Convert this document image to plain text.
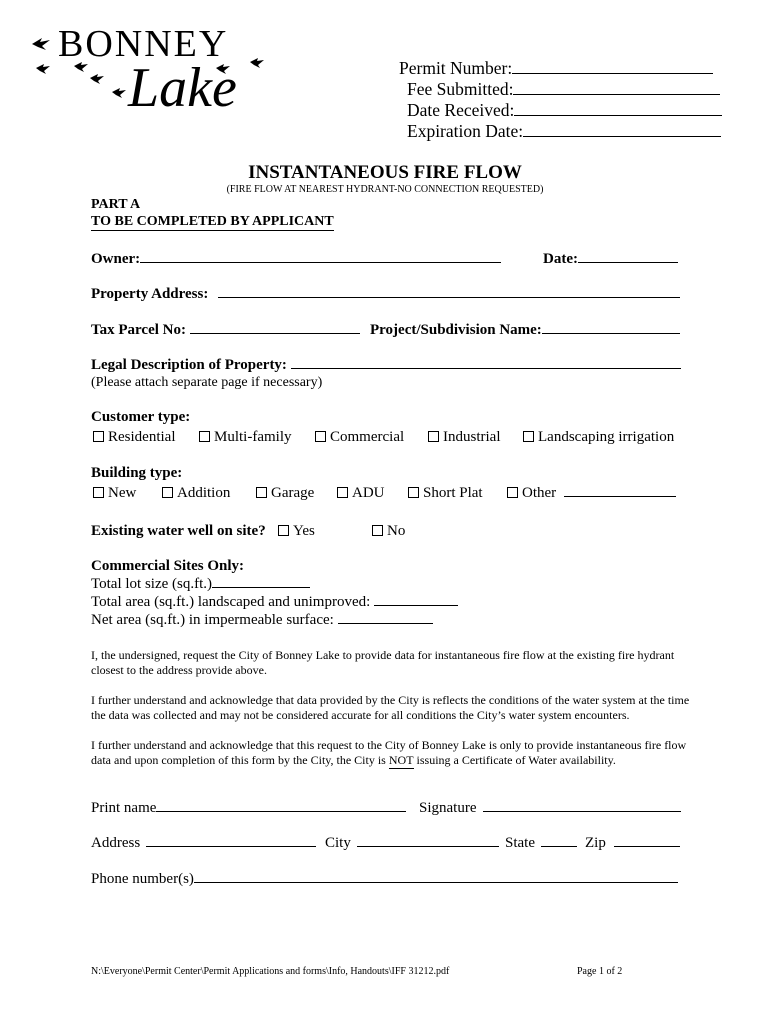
BONNEY
Lake	Permit Number:
Fee Submitted:
Date Received:
Expiration Date:
INSTANTANEOUS FIRE FLOW
(FIRE FLOW AT NEAREST HYDRANT-NO CONNECTION REQUESTED)
PART A
TO BE COMPLETED BY APPLICANT
Owner:	Date:
Property Address:
Tax Parcel No:	Project/Subdivision Name:
Legal Description of Property:
(Please attach separate page if necessary)
Customer type:
Residential	Multi-family	Commercial	Industrial	Landscaping irrigation
Building type:
New	Addition	Garage	ADU	Short Plat	Other
Existing water well on site?	Yes	No
Commercial Sites Only:
Total lot size (sq.ft.)
Total area (sq.ft.) landscaped and unimproved:
Net area (sq.ft.) in impermeable surface:
I, the undersigned, request the City of Bonney Lake to provide data for instantaneous fire flow at the existing fire hydrant closest to the address provide above.
I further understand and acknowledge that data provided by the City is reflects the conditions of the water system at the time the data was collected and may not be considered accurate for all conditions the City’s water system encounters.
I further understand and acknowledge that this request to the City of Bonney Lake is only to provide instantaneous fire flow data and upon completion of this form by the City, the City is NOT issuing a Certificate of Water availability.
Print name	Signature
Address	City	State	Zip
Phone number(s)
N:\Everyone\Permit Center\Permit Applications and forms\Info, Handouts\IFF 31212.pdf	Page 1 of 2
